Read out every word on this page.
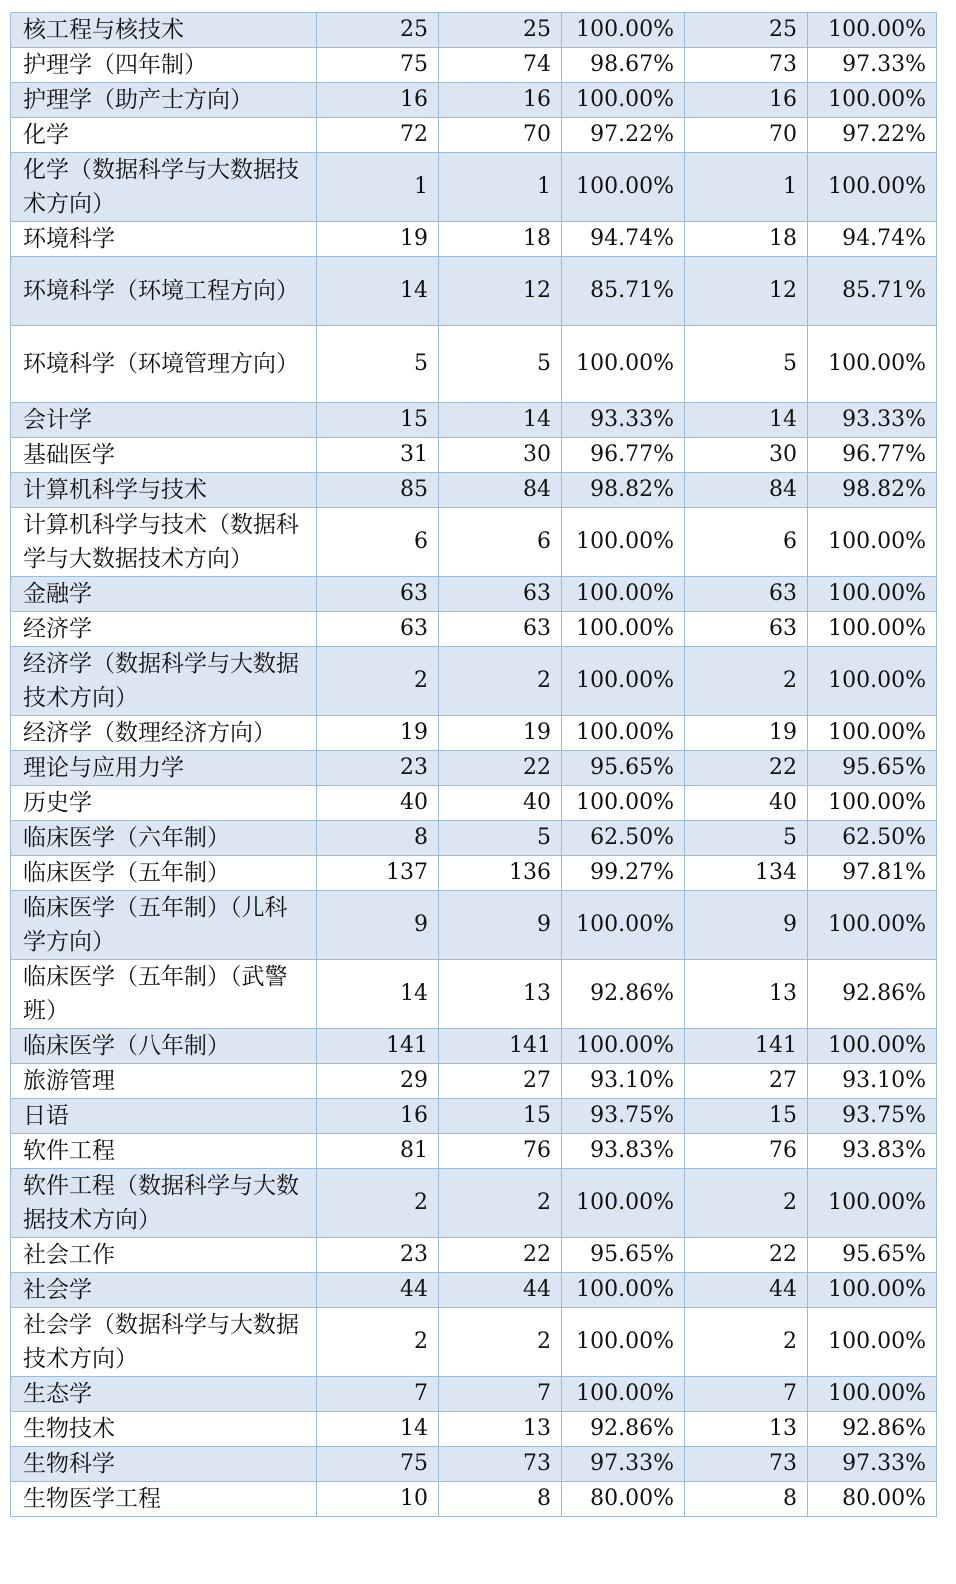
核工程与核技术	25	25	100.00%	25	100.00%
护理学（四年制）	75	74	98.67%	73	97.33%
护理学（助产士方向）	16	16	100.00%	16	100.00%
化学	72	70	97.22%	70	97.22%
化学（数据科学与大数据技术方向）	1	1	100.00%	1	100.00%
环境科学	19	18	94.74%	18	94.74%
环境科学（环境工程方向）	14	12	85.71%	12	85.71%
环境科学（环境管理方向）	5	5	100.00%	5	100.00%
会计学	15	14	93.33%	14	93.33%
基础医学	31	30	96.77%	30	96.77%
计算机科学与技术	85	84	98.82%	84	98.82%
计算机科学与技术（数据科学与大数据技术方向）	6	6	100.00%	6	100.00%
金融学	63	63	100.00%	63	100.00%
经济学	63	63	100.00%	63	100.00%
经济学（数据科学与大数据技术方向）	2	2	100.00%	2	100.00%
经济学（数理经济方向）	19	19	100.00%	19	100.00%
理论与应用力学	23	22	95.65%	22	95.65%
历史学	40	40	100.00%	40	100.00%
临床医学（六年制）	8	5	62.50%	5	62.50%
临床医学（五年制）	137	136	99.27%	134	97.81%
临床医学（五年制）（儿科学方向）	9	9	100.00%	9	100.00%
临床医学（五年制）（武警班）	14	13	92.86%	13	92.86%
临床医学（八年制）	141	141	100.00%	141	100.00%
旅游管理	29	27	93.10%	27	93.10%
日语	16	15	93.75%	15	93.75%
软件工程	81	76	93.83%	76	93.83%
软件工程（数据科学与大数据技术方向）	2	2	100.00%	2	100.00%
社会工作	23	22	95.65%	22	95.65%
社会学	44	44	100.00%	44	100.00%
社会学（数据科学与大数据技术方向）	2	2	100.00%	2	100.00%
生态学	7	7	100.00%	7	100.00%
生物技术	14	13	92.86%	13	92.86%
生物科学	75	73	97.33%	73	97.33%
生物医学工程	10	8	80.00%	8	80.00%
